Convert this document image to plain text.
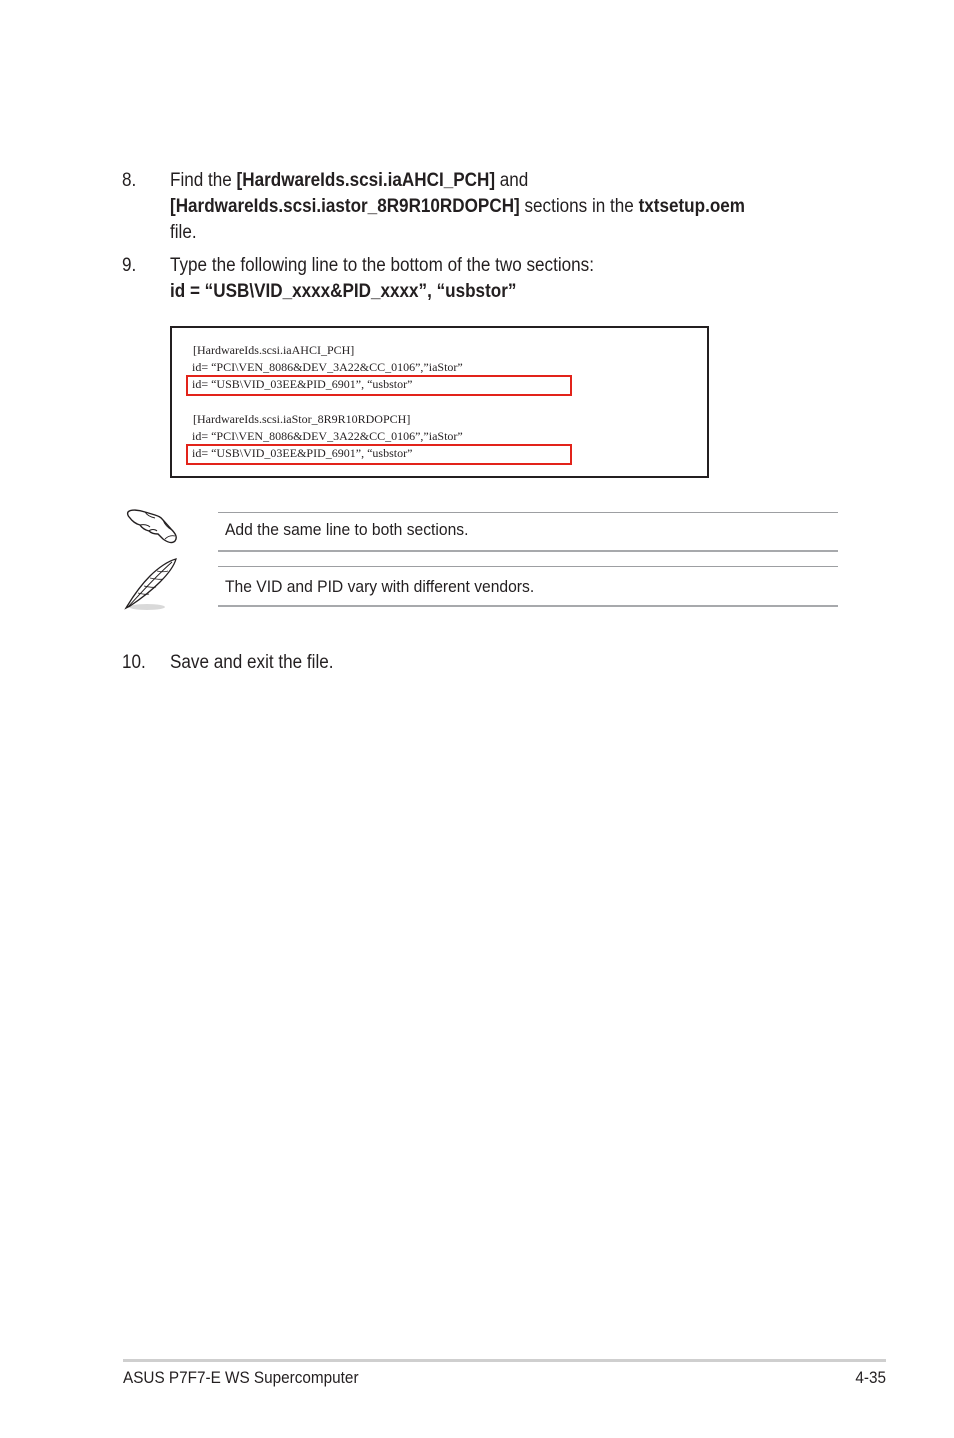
8. Find the [HardwareIds.scsi.iaAHCI_PCH] and
[HardwareIds.scsi.iastor_8R9R10RDOPCH] sections in the txtsetup.oem
file.
9. Type the following line to the bottom of the two sections:
id = “USB\VID_xxxx&PID_xxxx”, “usbstor”
[HardwareIds.scsi.iaAHCI_PCH]
id= “PCI\VEN_8086&DEV_3A22&CC_0106”,”iaStor”
id= “USB\VID_03EE&PID_6901”, “usbstor”
[HardwareIds.scsi.iaStor_8R9R10RDOPCH]
id= “PCI\VEN_8086&DEV_3A22&CC_0106”,”iaStor”
id= “USB\VID_03EE&PID_6901”, “usbstor”
Add the same line to both sections.
The VID and PID vary with different vendors.
10. Save and exit the file.
ASUS P7F7-E WS Supercomputer	4-35
